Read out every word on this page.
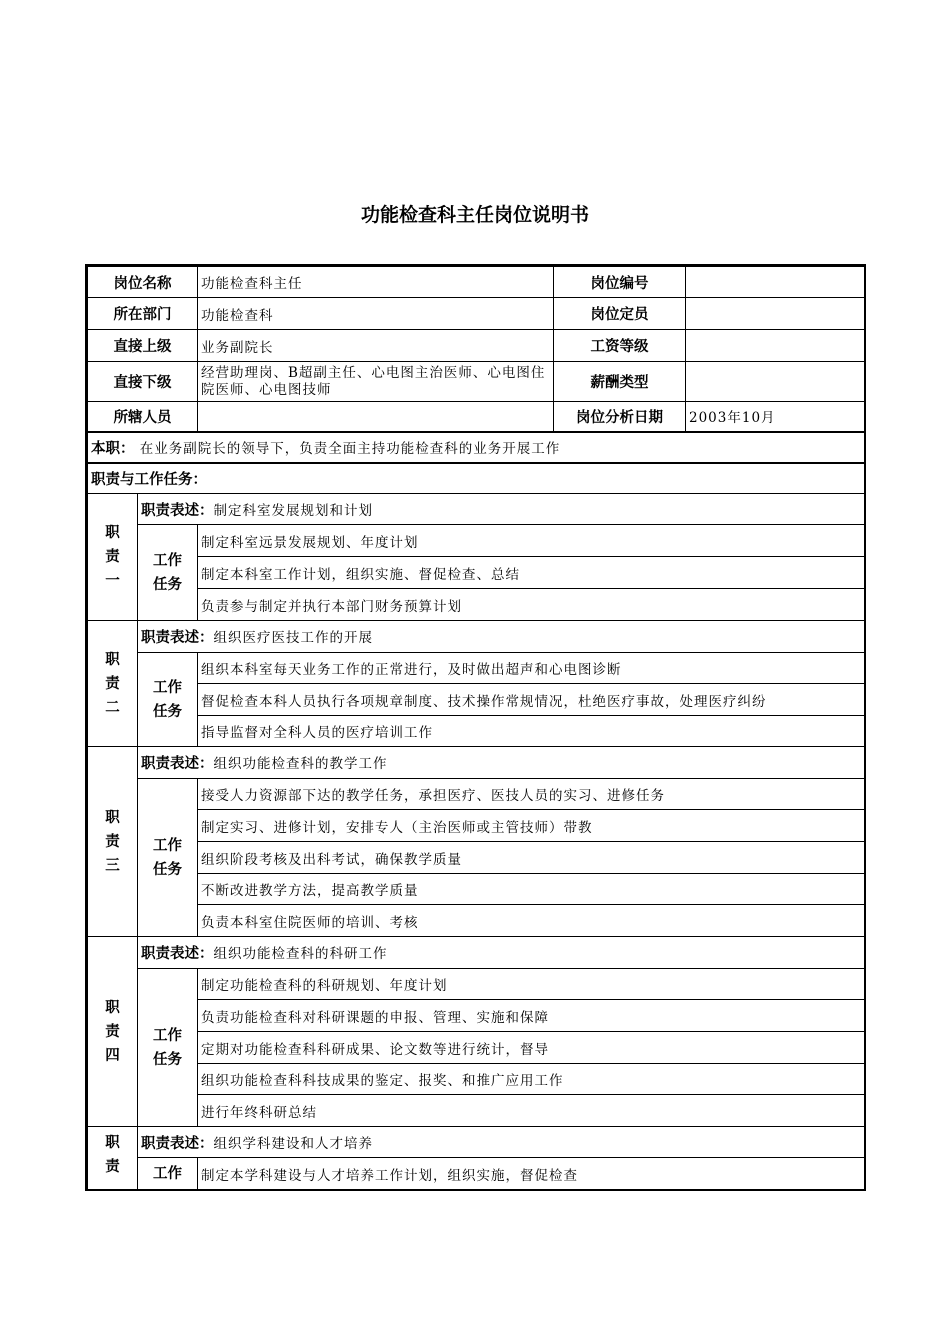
功能检查科主任岗位说明书
岗位名称		功能检查科主任	岗位编号	
所在部门		功能检查科	岗位定员	
直接上级		业务副院长	工资等级	
直接下级		经营助理岗、B超副主任、心电图主治医师、心电图住院医师、心电图技师	薪酬类型	
所辖人员			岗位分析日期	2003年10月
本职： 在业务副院长的领导下，负责全面主持功能检查科的业务开展工作				
职责与工作任务：				
职责一	职责表述：制定科室发展规划和计划			
	工作任务	制定科室远景发展规划、年度计划		
		制定本科室工作计划，组织实施、督促检查、总结		
		负责参与制定并执行本部门财务预算计划		
职责二	职责表述：组织医疗医技工作的开展			
	工作任务	组织本科室每天业务工作的正常进行，及时做出超声和心电图诊断		
		督促检查本科人员执行各项规章制度、技术操作常规情况，杜绝医疗事故，处理医疗纠纷		
		指导监督对全科人员的医疗培训工作		
职责三	职责表述：组织功能检查科的教学工作			
	工作任务	接受人力资源部下达的教学任务，承担医疗、医技人员的实习、进修任务		
		制定实习、进修计划，安排专人（主治医师或主管技师）带教		
		组织阶段考核及出科考试，确保教学质量		
		不断改进教学方法，提高教学质量		
		负责本科室住院医师的培训、考核		
职责四	职责表述：组织功能检查科的科研工作			
	工作任务	制定功能检查科的科研规划、年度计划		
		负责功能检查科对科研课题的申报、管理、实施和保障		
		定期对功能检查科科研成果、论文数等进行统计，督导		
		组织功能检查科科技成果的鉴定、报奖、和推广应用工作		
		进行年终科研总结		
职责	职责表述：组织学科建设和人才培养			
	工作	制定本学科建设与人才培养工作计划，组织实施，督促检查		
